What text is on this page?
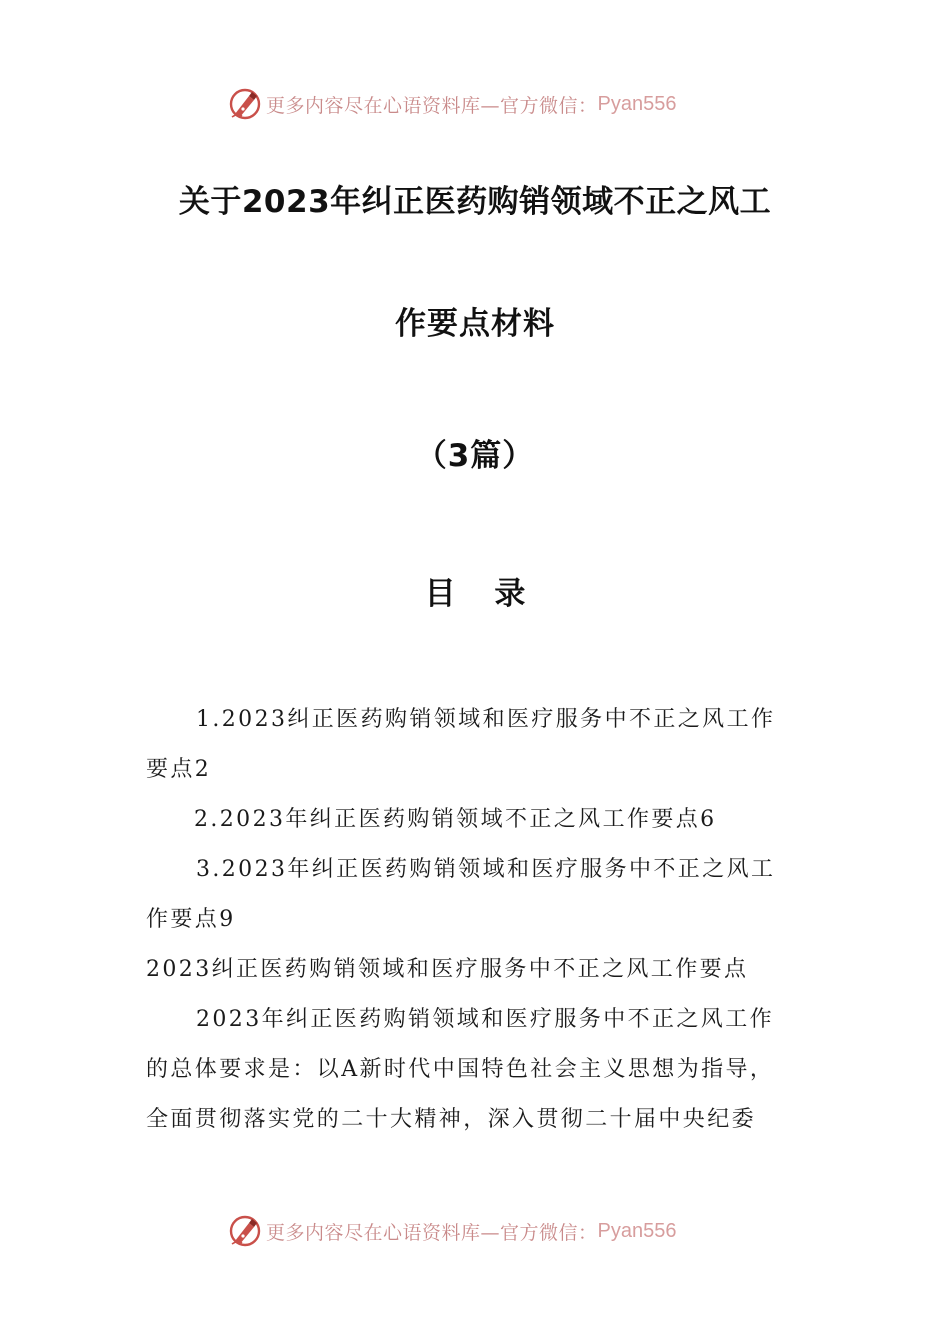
更多内容尽在心语资料库—官方微信： Pyan556
关于2023年纠正医药购销领域不正之风工
作要点材料
（3篇）
目 录
1.2023纠正医药购销领域和医疗服务中不正之风工作
要点2
2.2023年纠正医药购销领域不正之风工作要点6
3.2023年纠正医药购销领域和医疗服务中不正之风工
作要点9
2023纠正医药购销领域和医疗服务中不正之风工作要点
2023年纠正医药购销领域和医疗服务中不正之风工作
的总体要求是：以A新时代中国特色社会主义思想为指导，
全面贯彻落实党的二十大精神，深入贯彻二十届中央纪委
更多内容尽在心语资料库—官方微信： Pyan556
